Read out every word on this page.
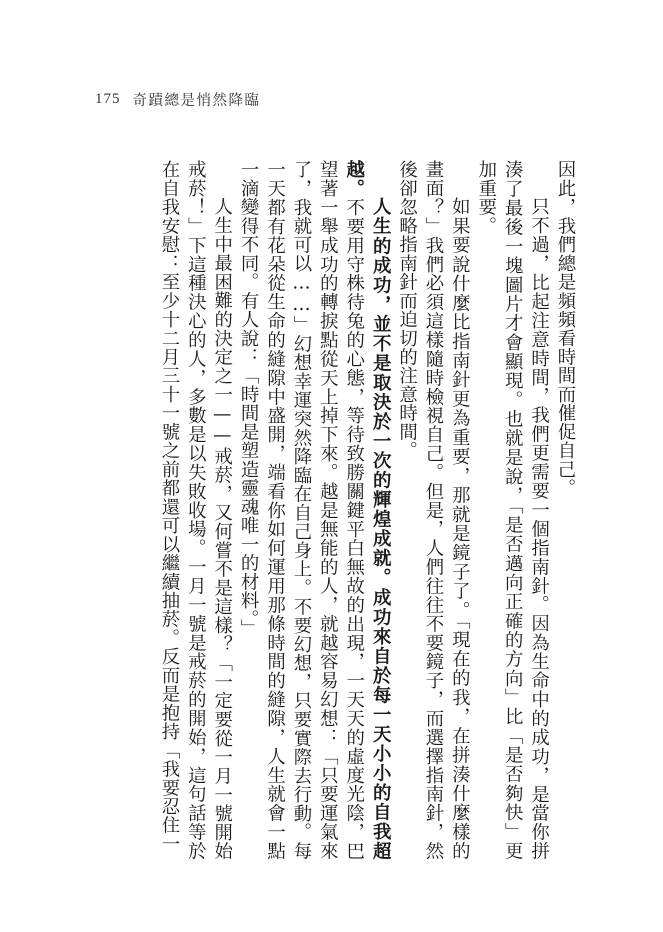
175 奇蹟總是悄然降臨

因此，我們總是頻頻看時間而催促自己。

只不過，比起注意時間，我們更需要一個指南針。因為生命中的成功，是當你拼湊了最後一塊圖片才會顯現。也就是說，「是否邁向正確的方向」比「是否夠快」更加重要。

如果要說什麼比指南針更為重要，那就是鏡子了。「現在的我，在拼湊什麼樣的畫面？」我們必須這樣隨時檢視自己。但是，人們往往不要鏡子，而選擇指南針，然後卻忽略指南針而迫切的注意時間。

人生的成功，並不是取決於一次的輝煌成就。成功來自於每一天小小的自我超越。不要用守株待兔的心態，等待致勝關鍵平白無故的出現，一天天的虛度光陰，巴望著一舉成功的轉捩點從天上掉下來。越是無能的人，就越容易幻想：「只要運氣來了，我就可以……」幻想幸運突然降臨在自己身上。不要幻想，只要實際去行動。每一天都有花朵從生命的縫隙中盛開，端看你如何運用那條時間的縫隙，人生就會一點一滴變得不同。有人說：「時間是塑造靈魂唯一的材料。」

人生中最困難的決定之一——戒菸，又何嘗不是這樣？「一定要從一月一號開始戒菸！」下這種決心的人，多數是以失敗收場。一月一號是戒菸的開始，這句話等於在自我安慰：至少十二月三十一號之前都還可以繼續抽菸。反而是抱持「我要忍住一
